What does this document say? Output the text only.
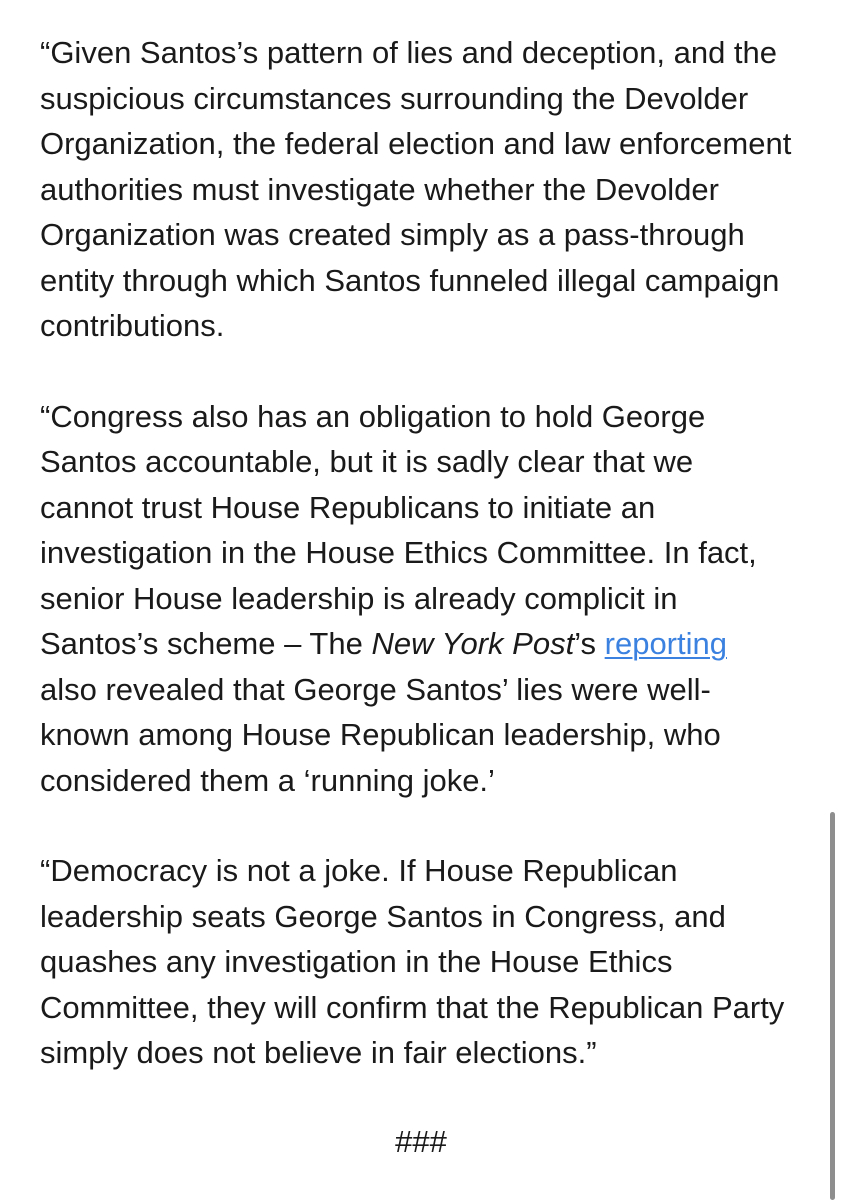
“Given Santos’s pattern of lies and deception, and the
suspicious circumstances surrounding the Devolder
Organization, the federal election and law enforcement
authorities must investigate whether the Devolder
Organization was created simply as a pass-through
entity through which Santos funneled illegal campaign
contributions.

“Congress also has an obligation to hold George
Santos accountable, but it is sadly clear that we
cannot trust House Republicans to initiate an
investigation in the House Ethics Committee. In fact,
senior House leadership is already complicit in
Santos’s scheme – The New York Post’s reporting
also revealed that George Santos’ lies were well-
known among House Republican leadership, who
considered them a ‘running joke.’

“Democracy is not a joke. If House Republican
leadership seats George Santos in Congress, and
quashes any investigation in the House Ethics
Committee, they will confirm that the Republican Party
simply does not believe in fair elections.”

###
